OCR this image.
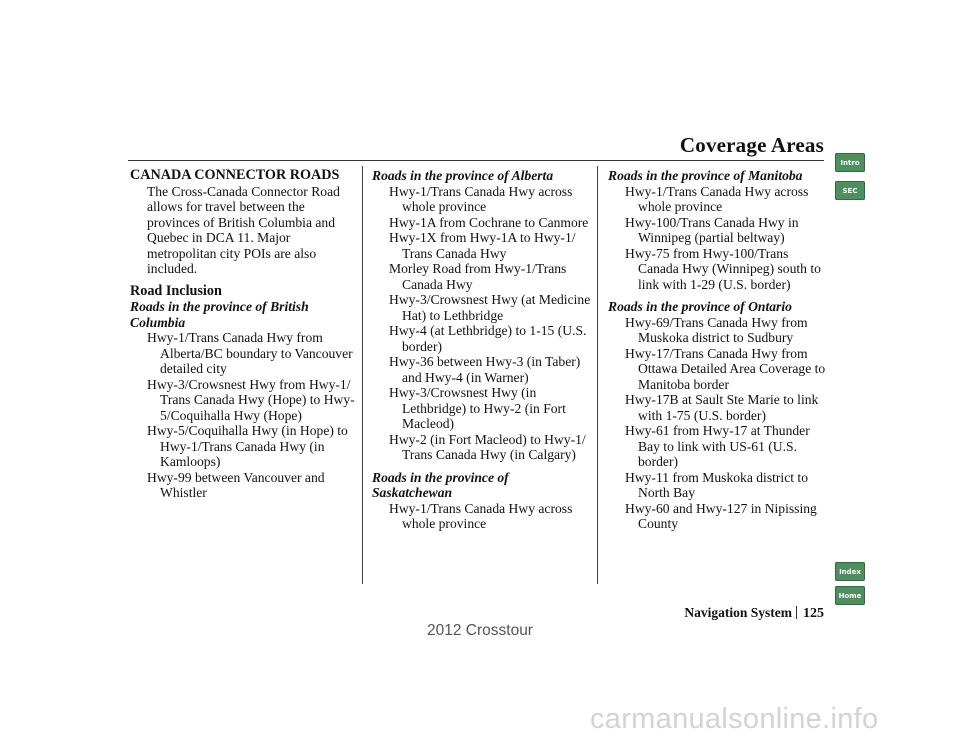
Coverage Areas
Intro
SEC
Index
Home

CANADA CONNECTOR ROADS

The Cross-Canada Connector Road allows for travel between the provinces of British Columbia and Quebec in DCA 11. Major metropolitan city POIs are also included.

Road Inclusion

Roads in the province of British Columbia

Hwy-1/Trans Canada Hwy from Alberta/BC boundary to Vancouver detailed city
Hwy-3/Crowsnest Hwy from Hwy-1/ Trans Canada Hwy (Hope) to Hwy-5/Coquihalla Hwy (Hope)
Hwy-5/Coquihalla Hwy (in Hope) to Hwy-1/Trans Canada Hwy (in Kamloops)
Hwy-99 between Vancouver and Whistler

Roads in the province of Alberta

Hwy-1/Trans Canada Hwy across whole province
Hwy-1A from Cochrane to Canmore
Hwy-1X from Hwy-1A to Hwy-1/ Trans Canada Hwy
Morley Road from Hwy-1/Trans Canada Hwy
Hwy-3/Crowsnest Hwy (at Medicine Hat) to Lethbridge
Hwy-4 (at Lethbridge) to 1-15 (U.S. border)
Hwy-36 between Hwy-3 (in Taber) and Hwy-4 (in Warner)
Hwy-3/Crowsnest Hwy (in Lethbridge) to Hwy-2 (in Fort Macleod)
Hwy-2 (in Fort Macleod) to Hwy-1/ Trans Canada Hwy (in Calgary)

Roads in the province of Saskatchewan

Hwy-1/Trans Canada Hwy across whole province

Roads in the province of Manitoba

Hwy-1/Trans Canada Hwy across whole province
Hwy-100/Trans Canada Hwy in Winnipeg (partial beltway)
Hwy-75 from Hwy-100/Trans Canada Hwy (Winnipeg) south to link with 1-29 (U.S. border)

Roads in the province of Ontario

Hwy-69/Trans Canada Hwy from Muskoka district to Sudbury
Hwy-17/Trans Canada Hwy from Ottawa Detailed Area Coverage to Manitoba border
Hwy-17B at Sault Ste Marie to link with 1-75 (U.S. border)
Hwy-61 from Hwy-17 at Thunder Bay to link with US-61 (U.S. border)
Hwy-11 from Muskoka district to North Bay
Hwy-60 and Hwy-127 in Nipissing County
Navigation System 125
2012 Crosstour
carmanualsonline.info
